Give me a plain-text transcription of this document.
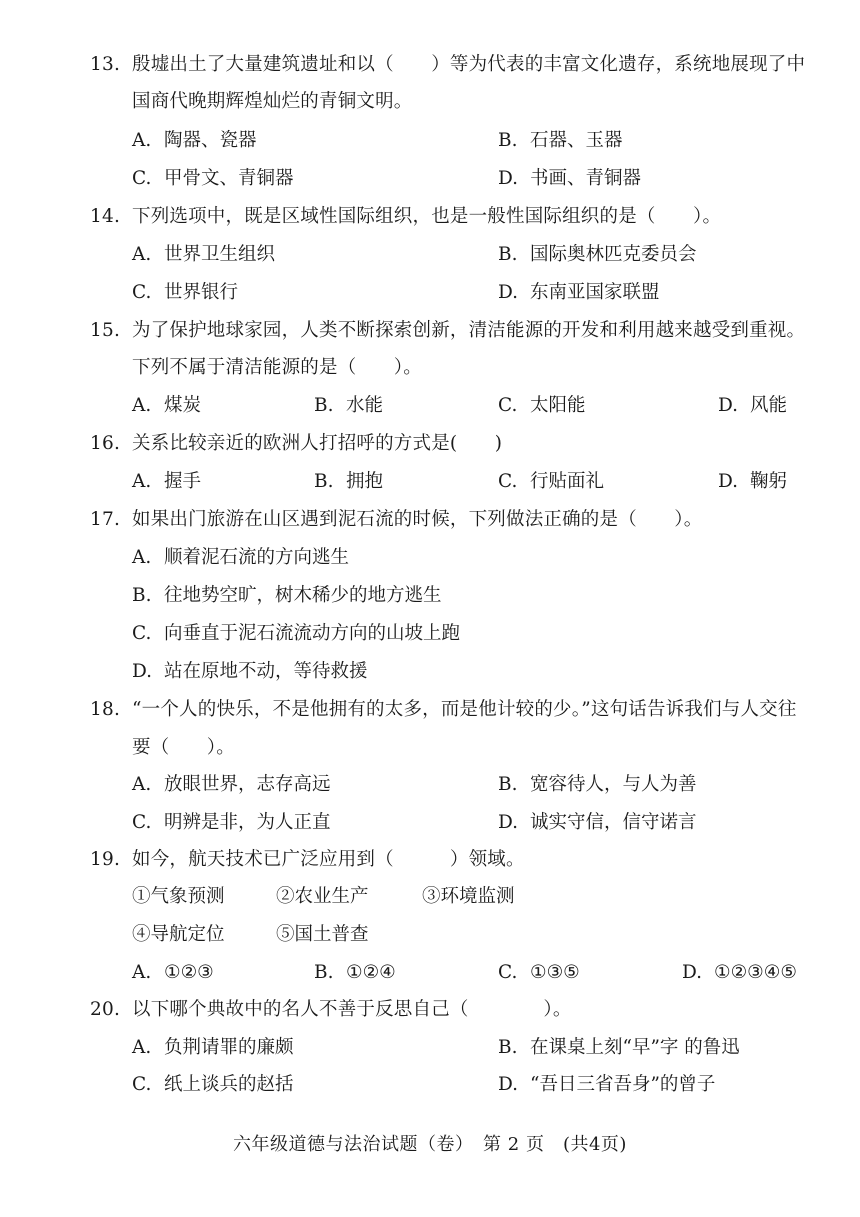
13. 殷墟出土了大量建筑遗址和以（　　）等为代表的丰富文化遗存，系统地展现了中
国商代晚期辉煌灿烂的青铜文明。
A. 陶器、瓷器	B. 石器、玉器
C. 甲骨文、青铜器	D. 书画、青铜器
14. 下列选项中，既是区域性国际组织，也是一般性国际组织的是（　　）。
A. 世界卫生组织	B. 国际奥林匹克委员会
C. 世界银行	D. 东南亚国家联盟
15. 为了保护地球家园，人类不断探索创新，清洁能源的开发和利用越来越受到重视。
下列不属于清洁能源的是（　　）。
A. 煤炭	B. 水能	C. 太阳能	D. 风能
16. 关系比较亲近的欧洲人打招呼的方式是(　　)
A. 握手	B. 拥抱	C. 行贴面礼	D. 鞠躬
17. 如果出门旅游在山区遇到泥石流的时候，下列做法正确的是（　　）。
A. 顺着泥石流的方向逃生
B. 往地势空旷，树木稀少的地方逃生
C. 向垂直于泥石流流动方向的山坡上跑
D. 站在原地不动，等待救援
18. “一个人的快乐，不是他拥有的太多，而是他计较的少。”这句话告诉我们与人交往
要（　　）。
A. 放眼世界，志存高远	B. 宽容待人，与人为善
C. 明辨是非，为人正直	D. 诚实守信，信守诺言
19. 如今，航天技术已广泛应用到（　　　）领域。
①气象预测	②农业生产	③环境监测
④导航定位	⑤国土普查
A. ①②③	B. ①②④	C. ①③⑤	D. ①②③④⑤
20. 以下哪个典故中的名人不善于反思自己（　　　　）。
A. 负荆请罪的廉颇	B. 在课桌上刻“早”字 的鲁迅
C. 纸上谈兵的赵括	D. “吾日三省吾身”的曾子
六年级道德与法治试题（卷）　第 2 页　(共4页)
